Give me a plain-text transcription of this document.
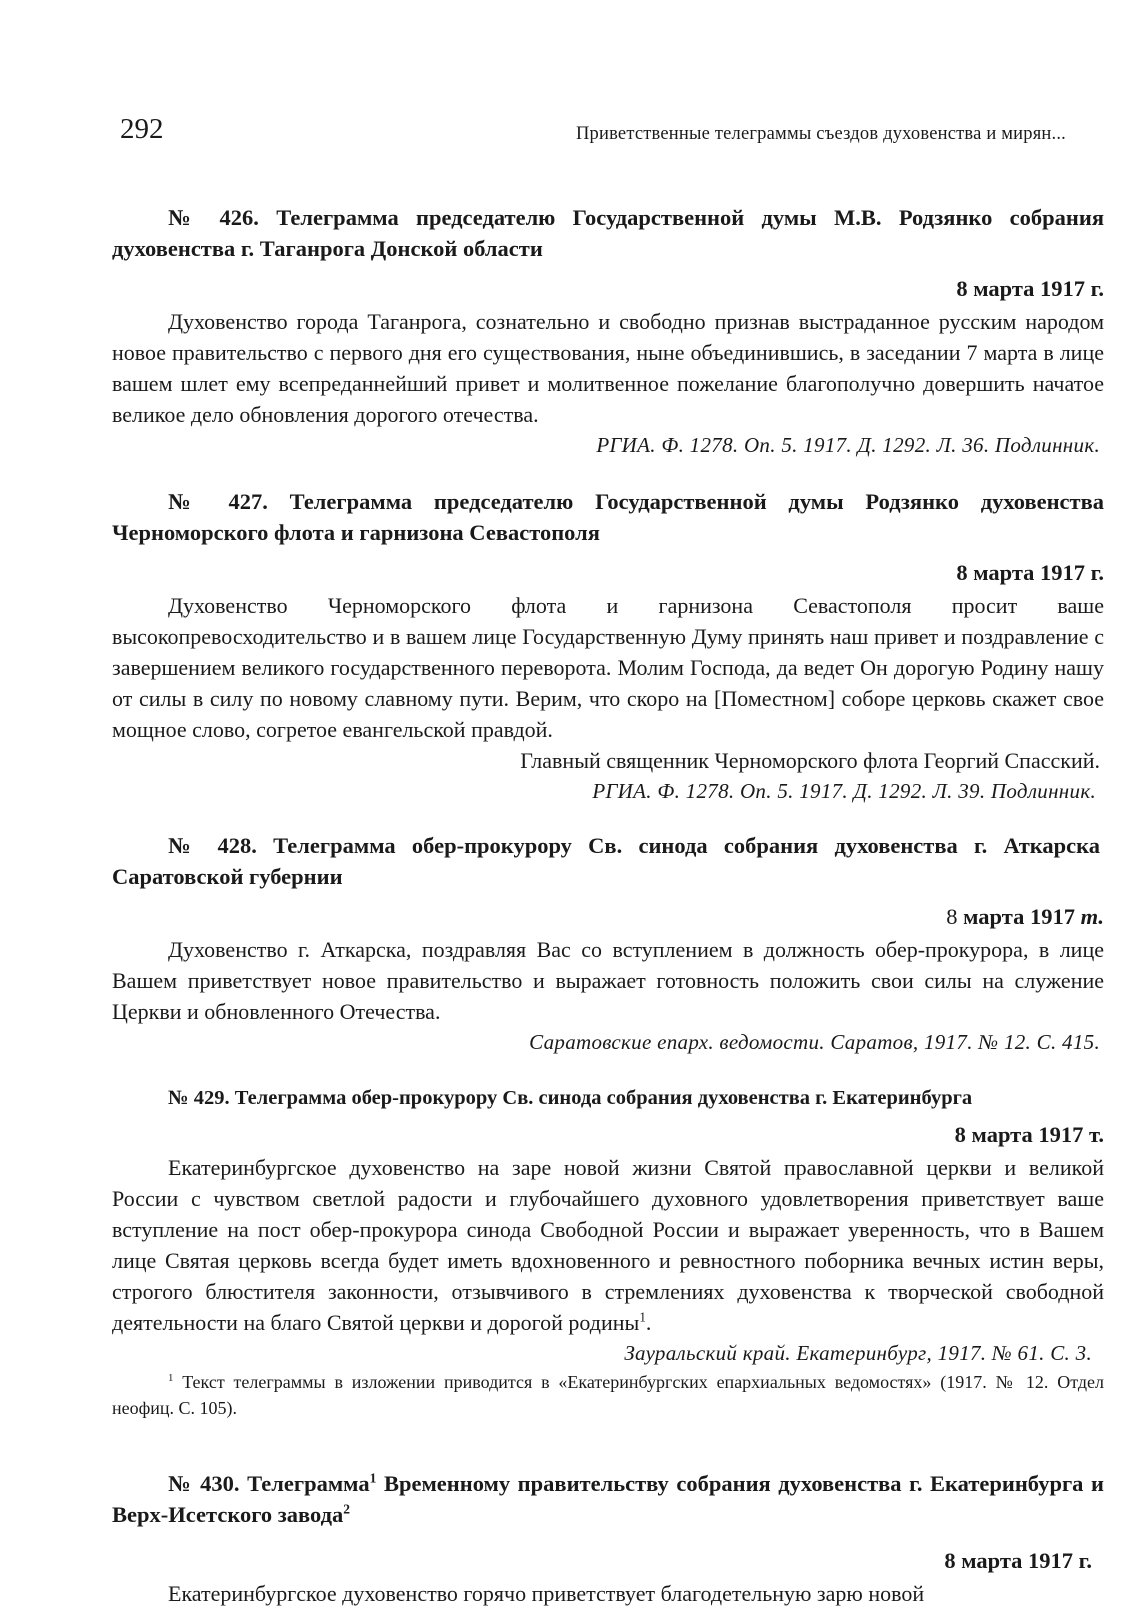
292	Приветственные телеграммы съездов духовенства и мирян...

№ 426. Телеграмма председателю Государственной думы М.В. Родзянко собрания духовенства г. Таганрога Донской области

8 марта 1917 г.

Духовенство города Таганрога, сознательно и свободно признав выстраданное русским народом новое правительство с первого дня его существования, ныне объединившись, в заседании 7 марта в лице вашем шлет ему всепреданнейший привет и молитвенное пожелание благополучно довершить начатое великое дело обновления дорогого отечества.

РГИА. Ф. 1278. Оп. 5. 1917. Д. 1292. Л. 36. Подлинник.

№ 427. Телеграмма председателю Государственной думы Родзянко духовенства Черноморского флота и гарнизона Севастополя

8 марта 1917 г.

Духовенство Черноморского флота и гарнизона Севастополя просит ваше высокопревосходительство и в вашем лице Государственную Думу принять наш привет и поздравление с завершением великого государственного переворота. Молим Господа, да ведет Он дорогую Родину нашу от силы в силу по новому славному пути. Верим, что скоро на [Поместном] соборе церковь скажет свое мощное слово, согретое евангельской правдой.

Главный священник Черноморского флота Георгий Спасский.

РГИА. Ф. 1278. Оп. 5. 1917. Д. 1292. Л. 39. Подлинник.

№ 428. Телеграмма обер-прокурору Св. синода собрания духовенства г. Аткарска Саратовской губернии

8 марта 1917 т.

Духовенство г. Аткарска, поздравляя Вас со вступлением в должность обер-прокурора, в лице Вашем приветствует новое правительство и выражает готовность положить свои силы на служение Церкви и обновленного Отечества.

Саратовские епарх. ведомости. Саратов, 1917. № 12. С. 415.

№ 429. Телеграмма обер-прокурору Св. синода собрания духовенства г. Екатеринбурга

8 марта 1917 т.

Екатеринбургское духовенство на заре новой жизни Святой православной церкви и великой России с чувством светлой радости и глубочайшего духовного удовлетворения приветствует ваше вступление на пост обер-прокурора синода Свободной России и выражает уверенность, что в Вашем лице Святая церковь всегда будет иметь вдохновенного и ревностного поборника вечных истин веры, строгого блюстителя законности, отзывчивого в стремлениях духовенства к творческой свободной деятельности на благо Святой церкви и дорогой родины$^1$.

Зауральский край. Екатеринбург, 1917. № 61. С. 3.

$^1$ Текст телеграммы в изложении приводится в «Екатеринбургских епархиальных ведомостях» (1917. № 12. Отдел неофиц. С. 105).

№ 430. Телеграмма$^1$ Временному правительству собрания духовенства г. Екатеринбурга и Верх-Исетского завода$^2$

8 марта 1917 г.

Екатеринбургское духовенство горячо приветствует благодетельную зарю новой
